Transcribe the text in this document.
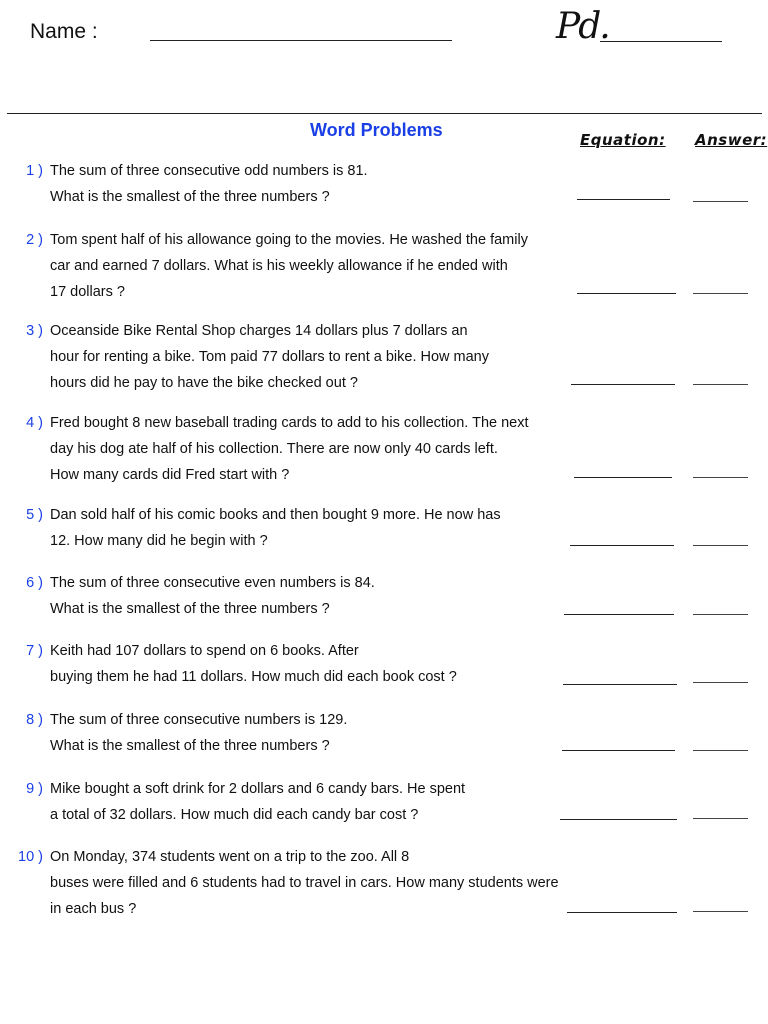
Name :	Pd.
Word Problems	Equation: Answer:
1 ) The sum of three consecutive odd numbers is 81.
What is the smallest of the three numbers ?
2 ) Tom spent half of his allowance going to the movies. He washed the family
car and earned 7 dollars. What is his weekly allowance if he ended with
17 dollars ?
3 ) Oceanside Bike Rental Shop charges 14 dollars plus 7 dollars an
hour for renting a bike. Tom paid 77 dollars to rent a bike. How many
hours did he pay to have the bike checked out ?
4 ) Fred bought 8 new baseball trading cards to add to his collection. The next
day his dog ate half of his collection. There are now only 40 cards left.
How many cards did Fred start with ?
5 ) Dan sold half of his comic books and then bought 9 more. He now has
12. How many did he begin with ?
6 ) The sum of three consecutive even numbers is 84.
What is the smallest of the three numbers ?
7 ) Keith had 107 dollars to spend on 6 books. After
buying them he had 11 dollars. How much did each book cost ?
8 ) The sum of three consecutive numbers is 129.
What is the smallest of the three numbers ?
9 ) Mike bought a soft drink for 2 dollars and 6 candy bars. He spent
a total of 32 dollars. How much did each candy bar cost ?
10 ) On Monday, 374 students went on a trip to the zoo. All 8
buses were filled and 6 students had to travel in cars. How many students were
in each bus ?
